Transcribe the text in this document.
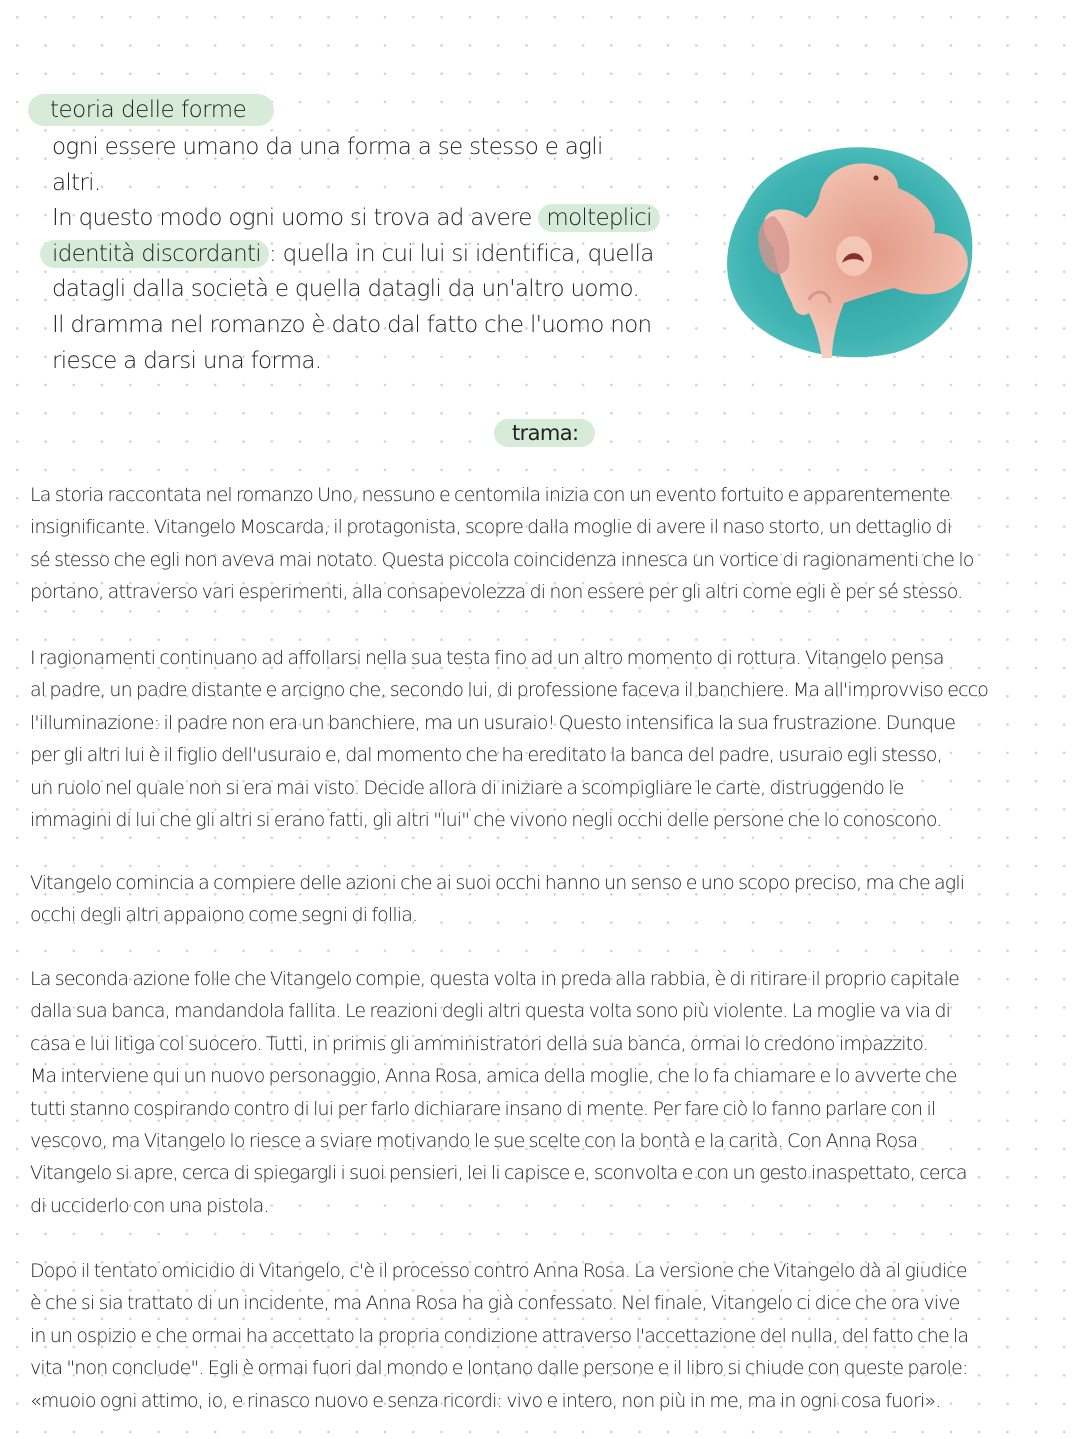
teoria delle forme
ogni essere umano da una forma a se stesso e agli
altri.
In questo modo ogni uomo si trova ad avere molteplici
identità discordanti : quella in cui lui si identifica, quella
datagli dalla società e quella datagli da un'altro uomo.
Il dramma nel romanzo è dato dal fatto che l'uomo non
riesce a darsi una forma.
trama:
La storia raccontata nel romanzo Uno, nessuno e centomila inizia con un evento fortuito e apparentemente
insignificante. Vitangelo Moscarda, il protagonista, scopre dalla moglie di avere il naso storto, un dettaglio di
sé stesso che egli non aveva mai notato. Questa piccola coincidenza innesca un vortice di ragionamenti che lo
portano, attraverso vari esperimenti, alla consapevolezza di non essere per gli altri come egli è per sé stesso.
I ragionamenti continuano ad affollarsi nella sua testa fino ad un altro momento di rottura. Vitangelo pensa
al padre, un padre distante e arcigno che, secondo lui, di professione faceva il banchiere. Ma all'improvviso ecco
l'illuminazione: il padre non era un banchiere, ma un usuraio! Questo intensifica la sua frustrazione. Dunque
per gli altri lui è il figlio dell'usuraio e, dal momento che ha ereditato la banca del padre, usuraio egli stesso,
un ruolo nel quale non si era mai visto. Decide allora di iniziare a scompigliare le carte, distruggendo le
immagini di lui che gli altri si erano fatti, gli altri "lui" che vivono negli occhi delle persone che lo conoscono.
Vitangelo comincia a compiere delle azioni che ai suoi occhi hanno un senso e uno scopo preciso, ma che agli
occhi degli altri appaiono come segni di follia.
La seconda azione folle che Vitangelo compie, questa volta in preda alla rabbia, è di ritirare il proprio capitale
dalla sua banca, mandandola fallita. Le reazioni degli altri questa volta sono più violente. La moglie va via di
casa e lui litiga col suocero. Tutti, in primis gli amministratori della sua banca, ormai lo credono impazzito.
Ma interviene qui un nuovo personaggio, Anna Rosa, amica della moglie, che lo fa chiamare e lo avverte che
tutti stanno cospirando contro di lui per farlo dichiarare insano di mente. Per fare ciò lo fanno parlare con il
vescovo, ma Vitangelo lo riesce a sviare motivando le sue scelte con la bontà e la carità. Con Anna Rosa
Vitangelo si apre, cerca di spiegargli i suoi pensieri, lei li capisce e, sconvolta e con un gesto inaspettato, cerca
di ucciderlo con una pistola.
Dopo il tentato omicidio di Vitangelo, c'è il processo contro Anna Rosa. La versione che Vitangelo dà al giudice
è che si sia trattato di un incidente, ma Anna Rosa ha già confessato. Nel finale, Vitangelo ci dice che ora vive
in un ospizio e che ormai ha accettato la propria condizione attraverso l'accettazione del nulla, del fatto che la
vita "non conclude". Egli è ormai fuori dal mondo e lontano dalle persone e il libro si chiude con queste parole:
«muoio ogni attimo, io, e rinasco nuovo e senza ricordi: vivo e intero, non più in me, ma in ogni cosa fuori».
